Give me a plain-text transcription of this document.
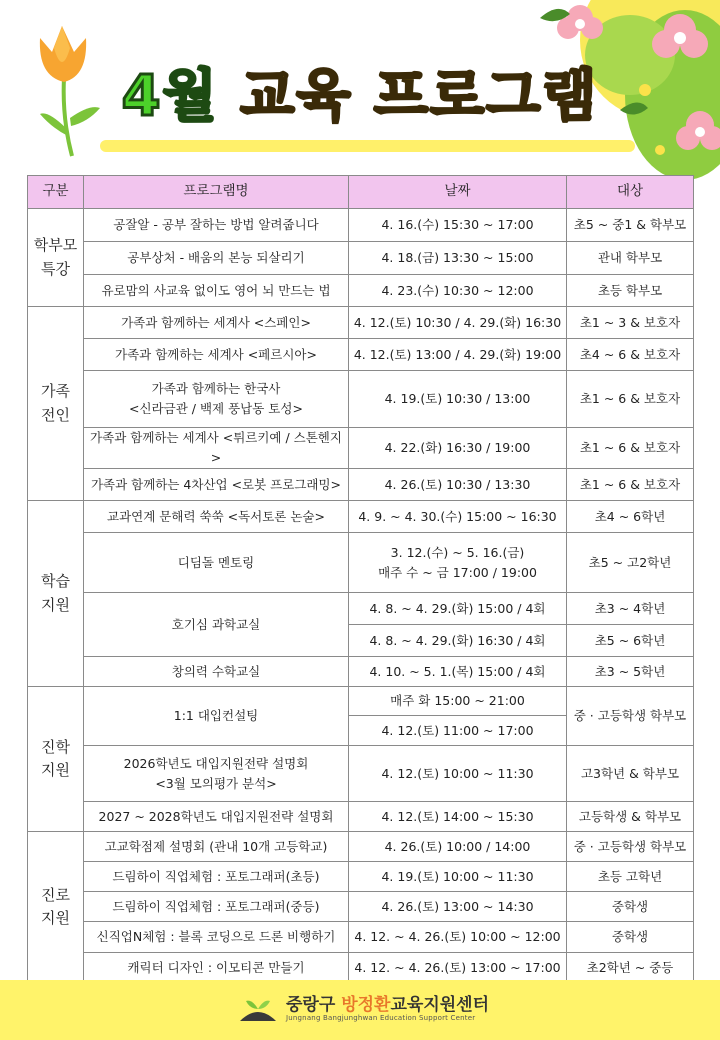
4월 교육 프로그램
구분	프로그램명	날짜	대상
학부모
특강	공잘알 - 공부 잘하는 방법 알려줍니다	4. 16.(수) 15:30 ~ 17:00	초5 ~ 중1 & 학부모
	공부상처 - 배움의 본능 되살리기	4. 18.(금) 13:30 ~ 15:00	관내 학부모
	유로맘의 사교육 없이도 영어 뇌 만드는 법	4. 23.(수) 10:30 ~ 12:00	초등 학부모
가족
전인	가족과 함께하는 세계사 <스페인>	4. 12.(토) 10:30 / 4. 29.(화) 16:30	초1 ~ 3 & 보호자
	가족과 함께하는 세계사 <페르시아>	4. 12.(토) 13:00 / 4. 29.(화) 19:00	초4 ~ 6 & 보호자
	가족과 함께하는 한국사
<신라금관 / 백제 풍납동 토성>	4. 19.(토) 10:30 / 13:00	초1 ~ 6 & 보호자
	가족과 함께하는 세계사 <튀르키예 / 스톤헨지>	4. 22.(화) 16:30 / 19:00	초1 ~ 6 & 보호자
	가족과 함께하는 4차산업 <로봇 프로그래밍>	4. 26.(토) 10:30 / 13:30	초1 ~ 6 & 보호자
학습
지원	교과연계 문해력 쑥쑥 <독서토론 논술>	4. 9. ~ 4. 30.(수) 15:00 ~ 16:30	초4 ~ 6학년
	디딤돌 멘토링	3. 12.(수) ~ 5. 16.(금)
매주 수 ~ 금 17:00 / 19:00	초5 ~ 고2학년
	호기심 과학교실	4. 8. ~ 4. 29.(화) 15:00 / 4회	초3 ~ 4학년
		4. 8. ~ 4. 29.(화) 16:30 / 4회	초5 ~ 6학년
	창의력 수학교실	4. 10. ~ 5. 1.(목) 15:00 / 4회	초3 ~ 5학년
진학
지원	1:1 대입컨설팅	매주 화 15:00 ~ 21:00	중 · 고등학생 학부모
		4. 12.(토) 11:00 ~ 17:00	
	2026학년도 대입지원전략 설명회
<3월 모의평가 분석>	4. 12.(토) 10:00 ~ 11:30	고3학년 & 학부모
	2027 ~ 2028학년도 대입지원전략 설명회	4. 12.(토) 14:00 ~ 15:30	고등학생 & 학부모
진로
지원	고교학점제 설명회 (관내 10개 고등학교)	4. 26.(토) 10:00 / 14:00	중 · 고등학생 학부모
	드림하이 직업체험 : 포토그래퍼(초등)	4. 19.(토) 10:00 ~ 11:30	초등 고학년
	드림하이 직업체험 : 포토그래퍼(중등)	4. 26.(토) 13:00 ~ 14:30	중학생
	신직업N체험 : 블록 코딩으로 드론 비행하기	4. 12. ~ 4. 26.(토) 10:00 ~ 12:00	중학생
	캐릭터 디자인 : 이모티콘 만들기	4. 12. ~ 4. 26.(토) 13:00 ~ 17:00	초2학년 ~ 중등
중랑구 방정환교육지원센터
Jungnang Bangjunghwan Education Support Center
